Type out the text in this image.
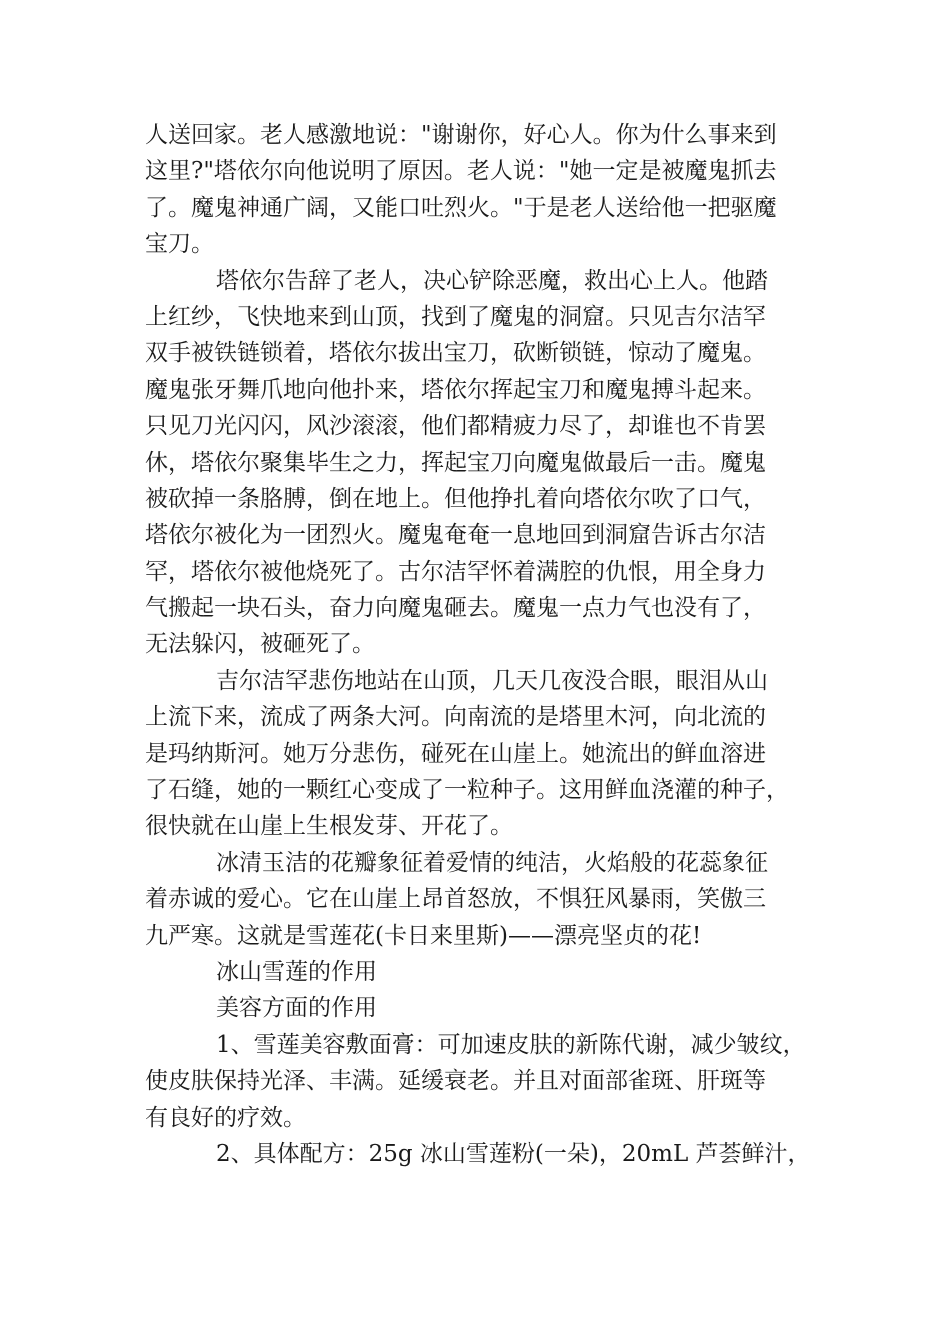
人送回家。老人感激地说："谢谢你，好心人。你为什么事来到
这里?"塔依尔向他说明了原因。老人说："她一定是被魔鬼抓去
了。魔鬼神通广阔，又能口吐烈火。"于是老人送给他一把驱魔
宝刀。
塔依尔告辞了老人，决心铲除恶魔，救出心上人。他踏
上红纱，飞快地来到山顶，找到了魔鬼的洞窟。只见吉尔洁罕
双手被铁链锁着，塔依尔拔出宝刀，砍断锁链，惊动了魔鬼。
魔鬼张牙舞爪地向他扑来，塔依尔挥起宝刀和魔鬼搏斗起来。
只见刀光闪闪，风沙滚滚，他们都精疲力尽了，却谁也不肯罢
休，塔依尔聚集毕生之力，挥起宝刀向魔鬼做最后一击。魔鬼
被砍掉一条胳膊，倒在地上。但他挣扎着向塔依尔吹了口气，
塔依尔被化为一团烈火。魔鬼奄奄一息地回到洞窟告诉古尔洁
罕，塔依尔被他烧死了。古尔洁罕怀着满腔的仇恨，用全身力
气搬起一块石头，奋力向魔鬼砸去。魔鬼一点力气也没有了，
无法躲闪，被砸死了。
吉尔洁罕悲伤地站在山顶，几天几夜没合眼，眼泪从山
上流下来，流成了两条大河。向南流的是塔里木河，向北流的
是玛纳斯河。她万分悲伤，碰死在山崖上。她流出的鲜血溶进
了石缝，她的一颗红心变成了一粒种子。这用鲜血浇灌的种子，
很快就在山崖上生根发芽、开花了。
冰清玉洁的花瓣象征着爱情的纯洁，火焰般的花蕊象征
着赤诚的爱心。它在山崖上昂首怒放，不惧狂风暴雨，笑傲三
九严寒。这就是雪莲花(卡日来里斯)——漂亮坚贞的花!
冰山雪莲的作用
美容方面的作用
1、雪莲美容敷面膏：可加速皮肤的新陈代谢，减少皱纹，
使皮肤保持光泽、丰满。延缓衰老。并且对面部雀斑、肝斑等
有良好的疗效。
2、具体配方：25g 冰山雪莲粉(一朵)，20mL 芦荟鲜汁，
